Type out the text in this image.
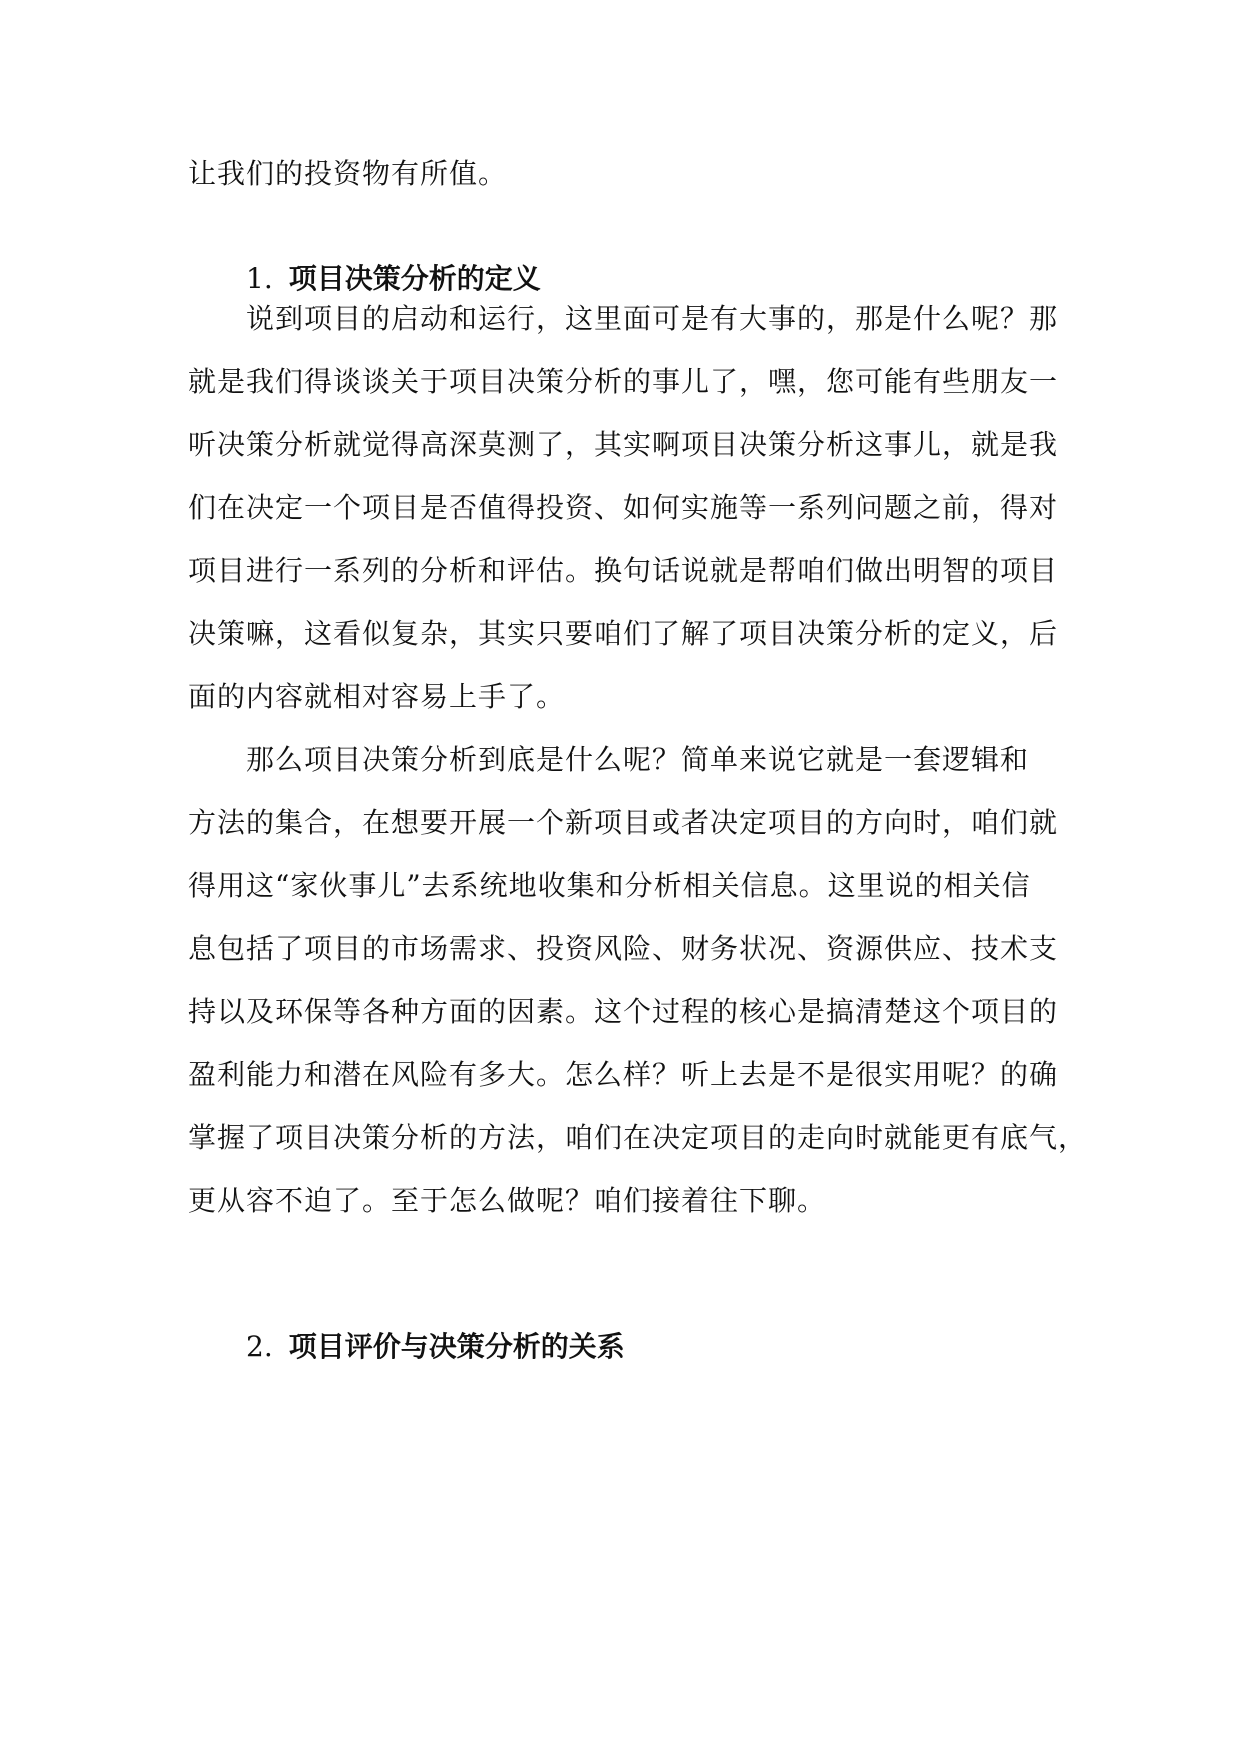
让我们的投资物有所值。
1. 项目决策分析的定义
说到项目的启动和运行，这里面可是有大事的，那是什么呢？那
就是我们得谈谈关于项目决策分析的事儿了，嘿，您可能有些朋友一
听决策分析就觉得高深莫测了，其实啊项目决策分析这事儿，就是我
们在决定一个项目是否值得投资、如何实施等一系列问题之前，得对
项目进行一系列的分析和评估。换句话说就是帮咱们做出明智的项目
决策嘛，这看似复杂，其实只要咱们了解了项目决策分析的定义，后
面的内容就相对容易上手了。
那么项目决策分析到底是什么呢？简单来说它就是一套逻辑和
方法的集合，在想要开展一个新项目或者决定项目的方向时，咱们就
得用这“家伙事儿”去系统地收集和分析相关信息。这里说的相关信
息包括了项目的市场需求、投资风险、财务状况、资源供应、技术支
持以及环保等各种方面的因素。这个过程的核心是搞清楚这个项目的
盈利能力和潜在风险有多大。怎么样？听上去是不是很实用呢？的确
掌握了项目决策分析的方法，咱们在决定项目的走向时就能更有底气，
更从容不迫了。至于怎么做呢？咱们接着往下聊。
2. 项目评价与决策分析的关系
